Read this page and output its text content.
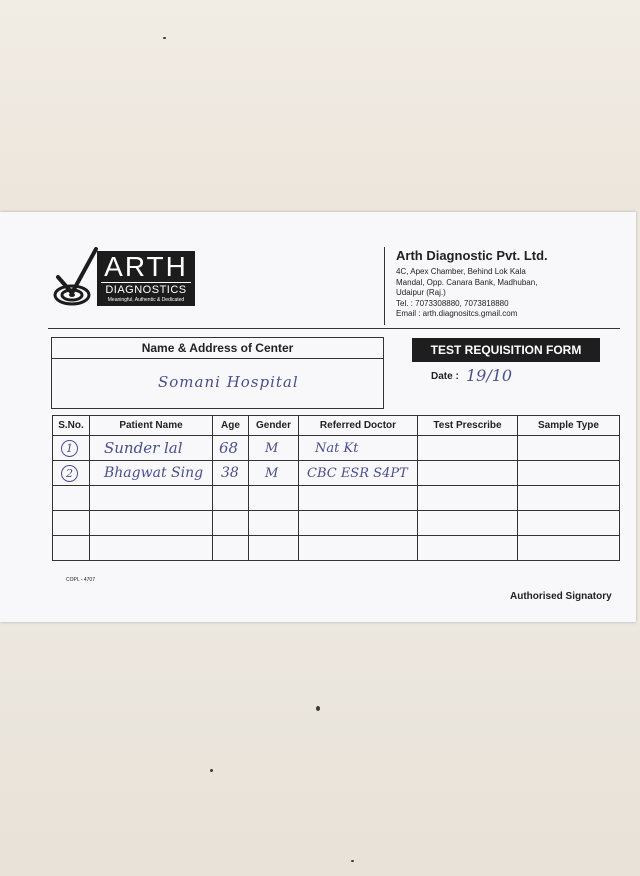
ARTH
DIAGNOSTICS
Meaningful, Authentic & Dedicated
Arth Diagnostic Pvt. Ltd.
4C, Apex Chamber, Behind Lok Kala
Mandal, Opp. Canara Bank, Madhuban,
Udaipur (Raj.)
Tel. : 7073308880, 7073818880
Email : arth.diagnositcs.gmail.com
Name & Address of Center
Somani Hospital
TEST REQUISITION FORM
Date : 19/10
S.No.	Patient Name	Age	Gender	Referred Doctor	Test Prescribe	Sample Type
1	Sunder lal	68	M	Nat Kt		
2	Bhagwat Sing	38	M	CBC ESR S4PT		

COPL - 4707
Authorised Signatory
